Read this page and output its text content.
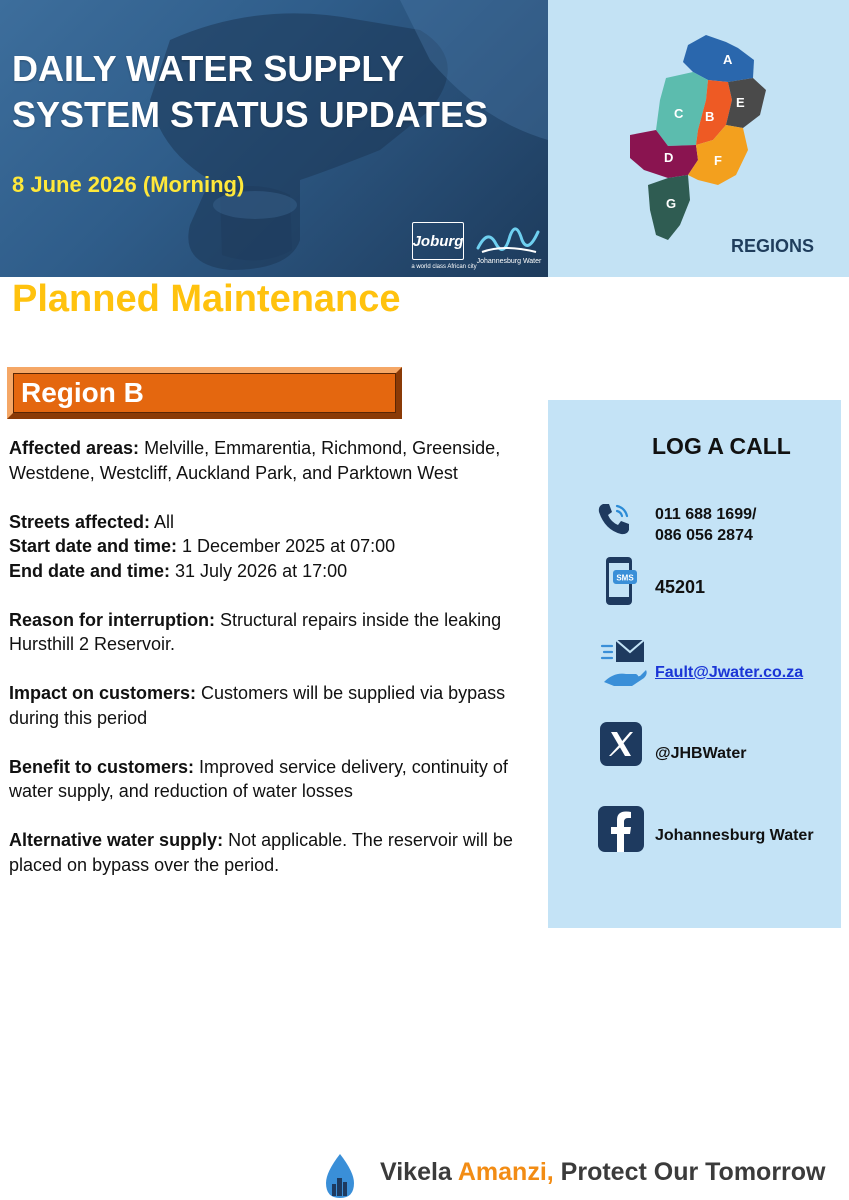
DAILY WATER SUPPLY
SYSTEM STATUS UPDATES
8 June 2026 (Morning)
Joburg
a world class African city
Johannesburg Water
A
B
C
D
E
F
G
REGIONS
Planned Maintenance
Region B

Affected areas: Melville, Emmarentia, Richmond, Greenside, Westdene, Westcliff, Auckland Park, and Parktown West

Streets affected: All

Start date and time: 1 December 2025 at 07:00

End date and time: 31 July 2026 at 17:00

Reason for interruption: Structural repairs inside the leaking Hursthill 2 Reservoir.

Impact on customers: Customers will be supplied via bypass during this period

Benefit to customers: Improved service delivery, continuity of water supply, and reduction of water losses

Alternative water supply: Not applicable. The reservoir will be placed on bypass over the period.

LOG A CALL
011 688 1699/
086 056 2874
SMS 45201
Fault@Jwater.co.za
@JHBWater
Johannesburg Water
Vikela Amanzi, Protect Our Tomorrow
